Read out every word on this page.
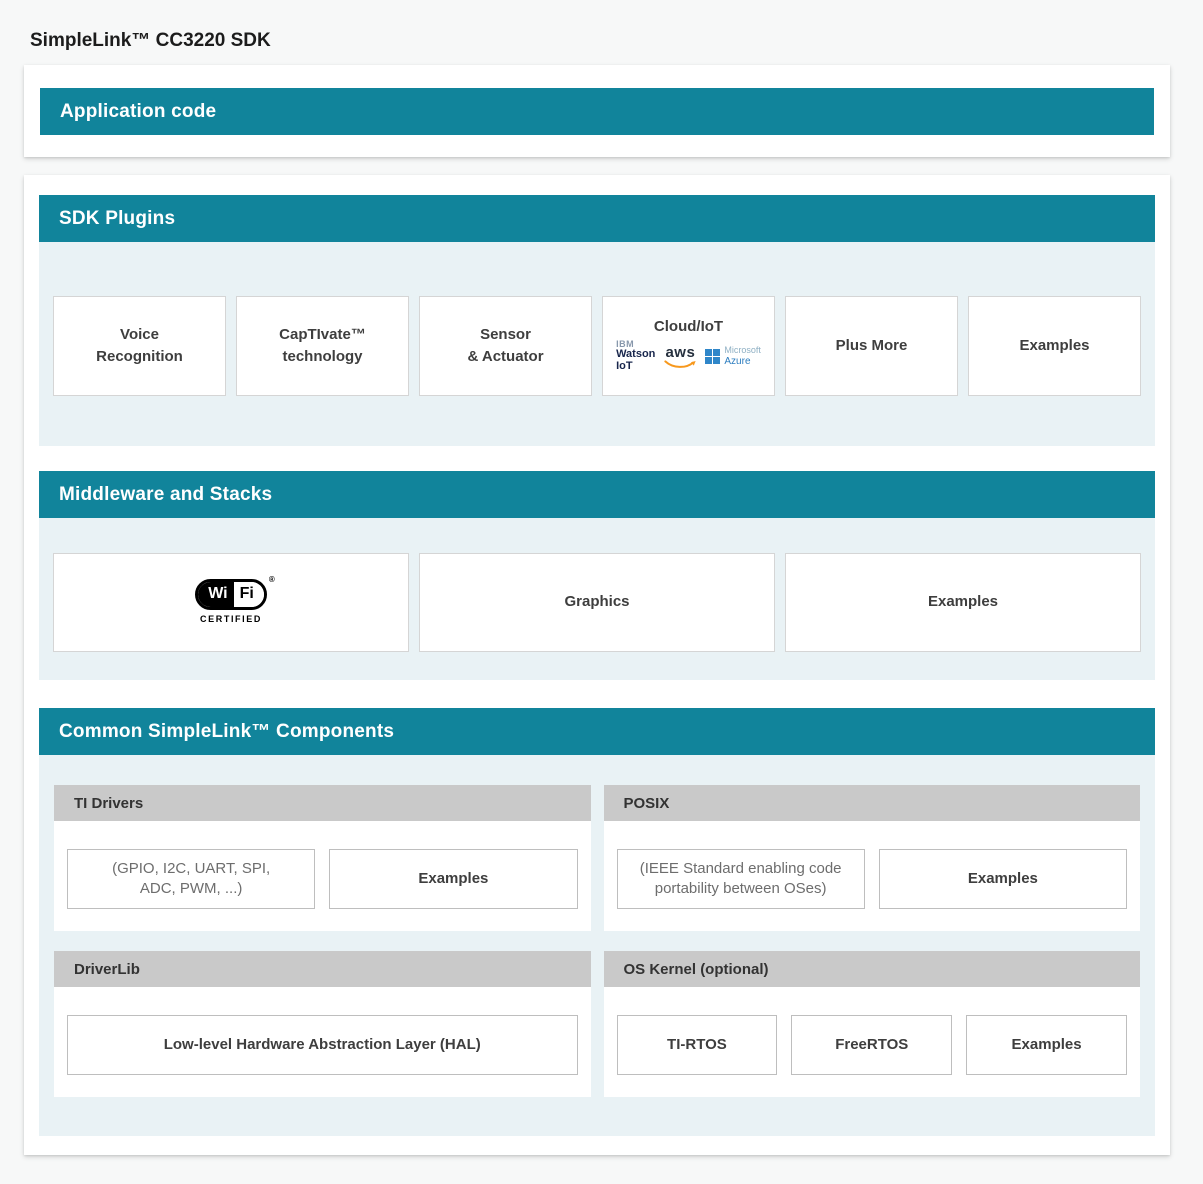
SimpleLink™ CC3220 SDK
Application code
SDK Plugins
Voice
Recognition
CapTIvate™
technology
Sensor
& Actuator
Cloud/IoT
IBM
Watson
IoT
aws	Microsoft
Azure
Plus More	Examples
Middleware and Stacks
Wi Fi
®
CERTIFIED
Graphics	Examples
Common SimpleLink™ Components
TI Drivers
(GPIO, I2C, UART, SPI,
ADC, PWM, ...)
Examples
POSIX
(IEEE Standard enabling code
portability between OSes)
Examples
DriverLib
Low-level Hardware Abstraction Layer (HAL)
OS Kernel (optional)
TI-RTOS	FreeRTOS	Examples
